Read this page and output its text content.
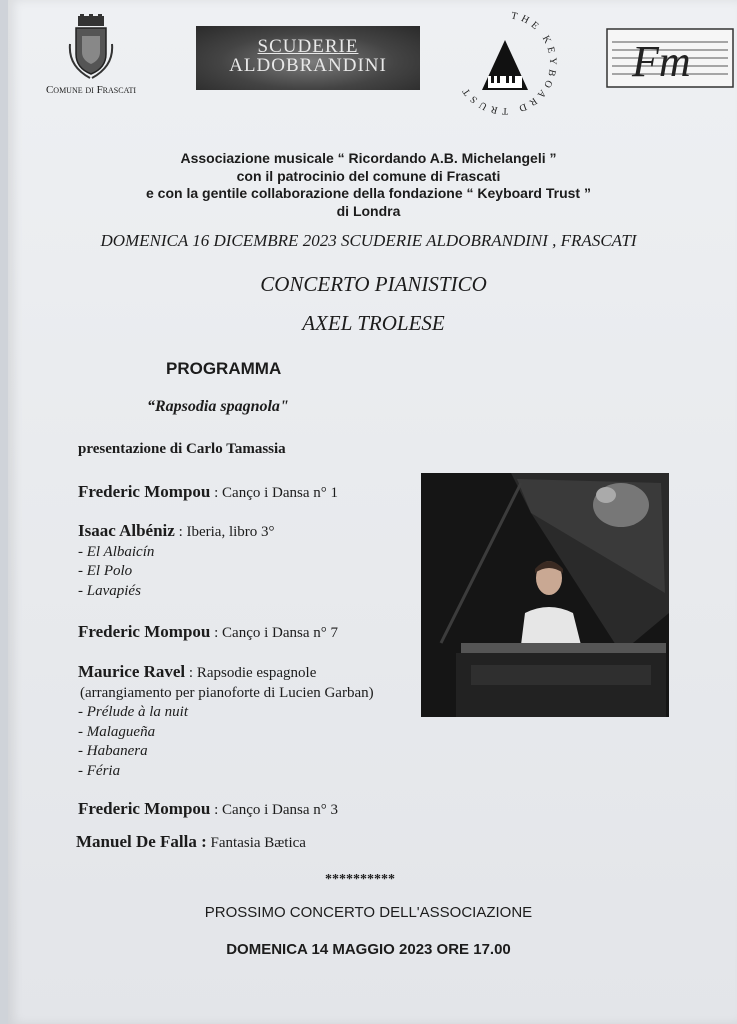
Comune di Frascati
SCUDERIE
ALDOBRANDINI
THE KEYBOARD TRUST
Fm
Associazione musicale “ Ricordando A.B. Michelangeli ”
con il patrocinio del comune di Frascati
e con la gentile collaborazione della fondazione “ Keyboard Trust ”
di Londra
DOMENICA 16 DICEMBRE 2023 SCUDERIE ALDOBRANDINI , FRASCATI
CONCERTO PIANISTICO
AXEL TROLESE
PROGRAMMA
“Rapsodia spagnola"
presentazione di Carlo Tamassia
Frederic Mompou : Canço i Dansa n° 1
Isaac Albéniz : Iberia, libro 3°
- El Albaicín
- El Polo
- Lavapiés
Frederic Mompou : Canço i Dansa n° 7
Maurice Ravel : Rapsodie espagnole
(arrangiamento per pianoforte di Lucien Garban)
- Prélude à la nuit
- Malagueña
- Habanera
- Féria
Frederic Mompou : Canço i Dansa n° 3
Manuel De Falla : Fantasia Bætica
**********
PROSSIMO CONCERTO DELL'ASSOCIAZIONE
DOMENICA 14 MAGGIO 2023 ORE 17.00
